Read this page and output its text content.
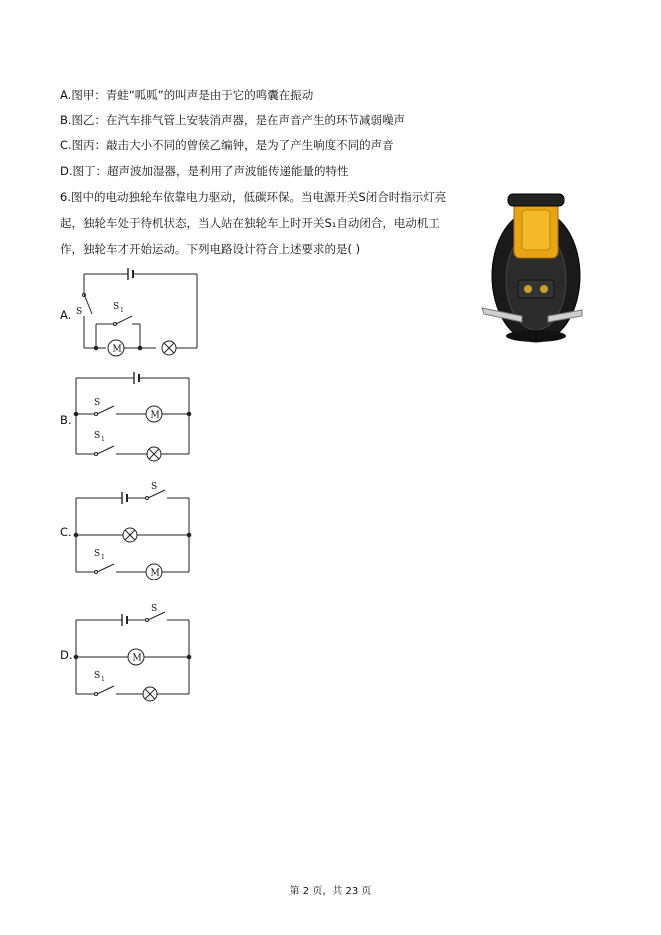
A.图甲：青蛙“呱呱”的叫声是由于它的鸣囊在振动
B.图乙：在汽车排气管上安装消声器，是在声音产生的环节减弱噪声
C.图丙：敲击大小不同的曾侯乙编钟，是为了产生响度不同的声音
D.图丁：超声波加湿器，是利用了声波能传递能量的特性
6.图中的电动独轮车依靠电力驱动，低碳环保。当电源开关S闭合时指示灯亮
起，独轮车处于待机状态，当人站在独轮车上时开关S₁自动闭合，电动机工
作，独轮车才开始运动。下列电路设计符合上述要求的是( )
A. S
M
S 1
B.	M
S
S 1
C.
S
M
S 1
D.
S
M
S 1
第 2 页，共 23 页
